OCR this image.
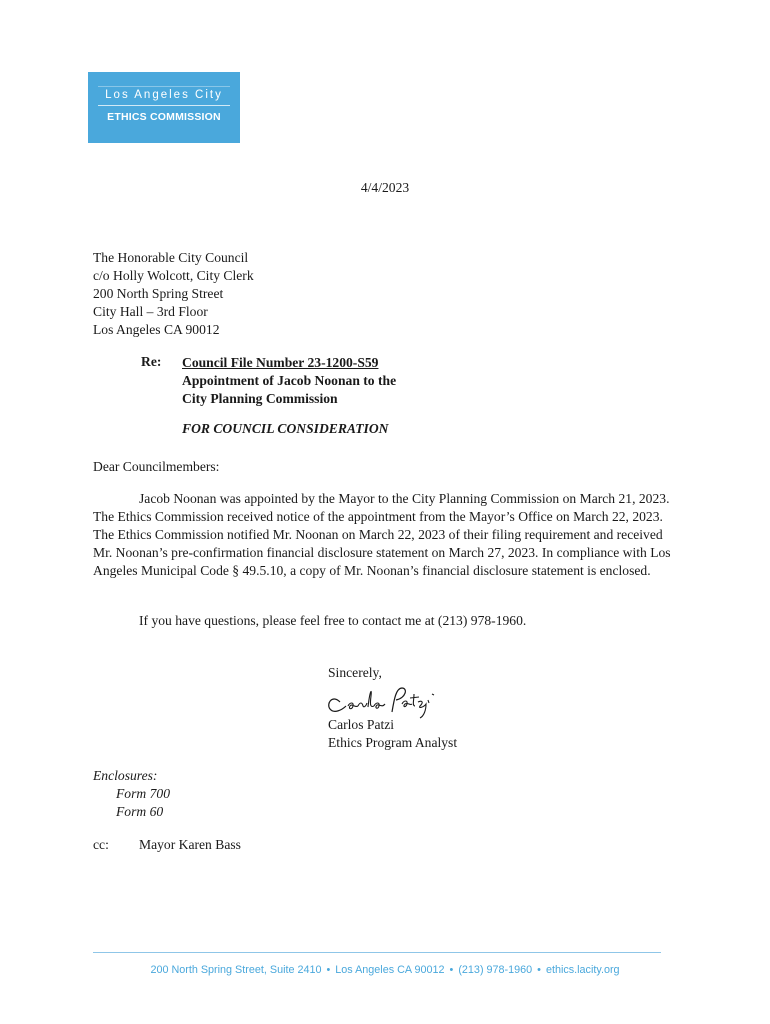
Los Angeles City
ETHICS COMMISSION
4/4/2023
The Honorable City Council
c/o Holly Wolcott, City Clerk
200 North Spring Street
City Hall – 3rd Floor
Los Angeles CA 90012
Re: Council File Number 23-1200-S59
Appointment of Jacob Noonan to the
City Planning Commission
FOR COUNCIL CONSIDERATION
Dear Councilmembers:
Jacob Noonan was appointed by the Mayor to the City Planning Commission on March 21, 2023. The Ethics Commission received notice of the appointment from the Mayor’s Office on March 22, 2023. The Ethics Commission notified Mr. Noonan on March 22, 2023 of their filing requirement and received Mr. Noonan’s pre-confirmation financial disclosure statement on March 27, 2023. In compliance with Los Angeles Municipal Code § 49.5.10, a copy of Mr. Noonan’s financial disclosure statement is enclosed.
If you have questions, please feel free to contact me at (213) 978-1960.
Sincerely,
Carlos Patzi
Ethics Program Analyst
Enclosures:
Form 700
Form 60
cc: Mayor Karen Bass
200 North Spring Street, Suite 2410 • Los Angeles CA 90012 • (213) 978-1960 • ethics.lacity.org
